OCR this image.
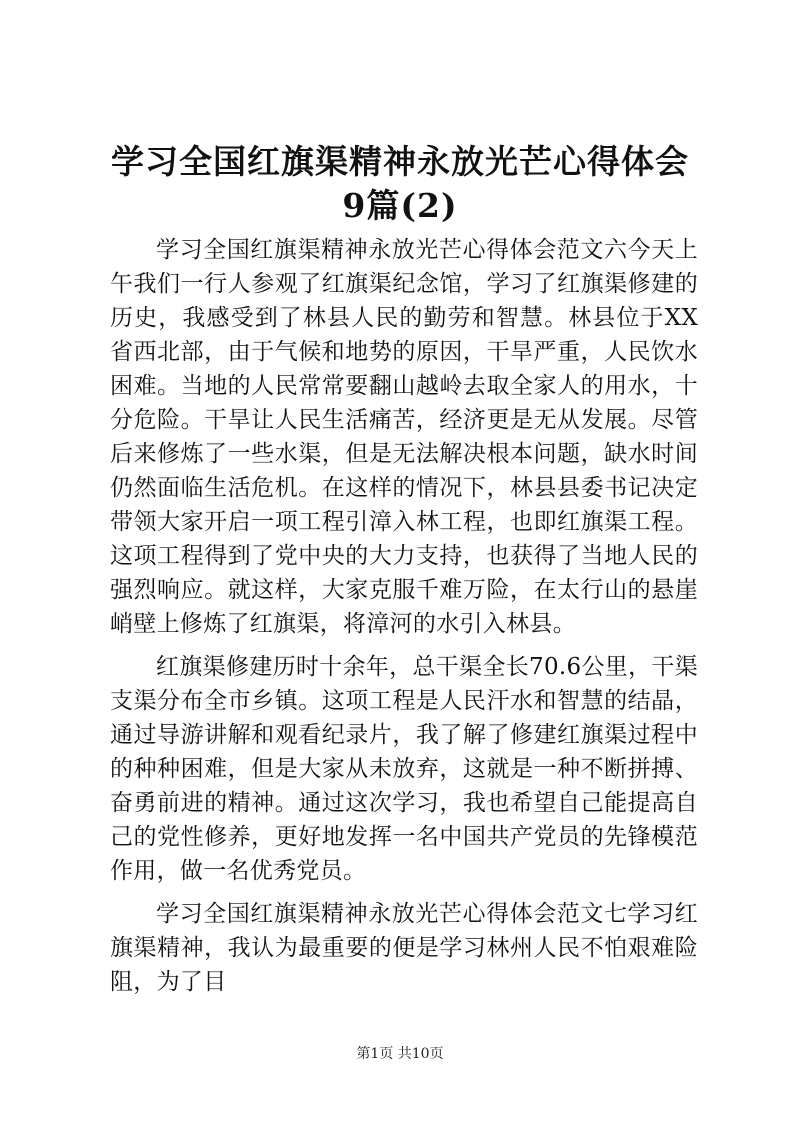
学习全国红旗渠精神永放光芒心得体会9篇(2)

学习全国红旗渠精神永放光芒心得体会范文六今天上午我们一行人参观了红旗渠纪念馆，学习了红旗渠修建的历史，我感受到了林县人民的勤劳和智慧。林县位于XX省西北部，由于气候和地势的原因，干旱严重，人民饮水困难。当地的人民常常要翻山越岭去取全家人的用水，十分危险。干旱让人民生活痛苦，经济更是无从发展。尽管后来修炼了一些水渠，但是无法解决根本问题，缺水时间仍然面临生活危机。在这样的情况下，林县县委书记决定带领大家开启一项工程引漳入林工程，也即红旗渠工程。这项工程得到了党中央的大力支持，也获得了当地人民的强烈响应。就这样，大家克服千难万险，在太行山的悬崖峭壁上修炼了红旗渠，将漳河的水引入林县。

红旗渠修建历时十余年，总干渠全长70.6公里，干渠支渠分布全市乡镇。这项工程是人民汗水和智慧的结晶，通过导游讲解和观看纪录片，我了解了修建红旗渠过程中的种种困难，但是大家从未放弃，这就是一种不断拼搏、奋勇前进的精神。通过这次学习，我也希望自己能提高自己的党性修养，更好地发挥一名中国共产党员的先锋模范作用，做一名优秀党员。

学习全国红旗渠精神永放光芒心得体会范文七学习红旗渠精神，我认为最重要的便是学习林州人民不怕艰难险阻，为了目

第1页 共10页
